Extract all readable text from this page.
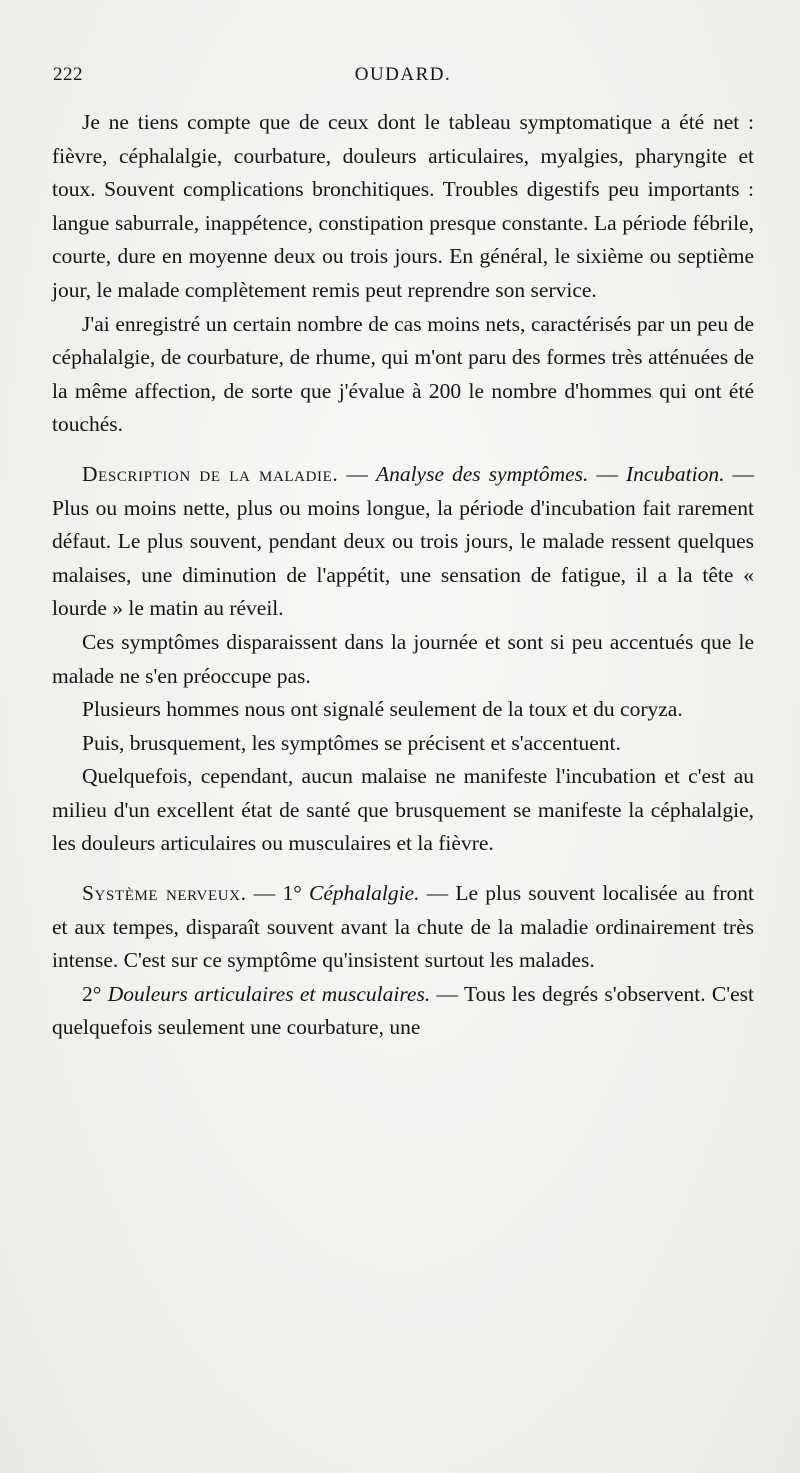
222	OUDARD.

Je ne tiens compte que de ceux dont le tableau symptomatique a été net : fièvre, céphalalgie, courbature, douleurs articulaires, myalgies, pharyngite et toux. Souvent complications bronchitiques. Troubles digestifs peu importants : langue saburrale, inappétence, constipation presque constante. La période fébrile, courte, dure en moyenne deux ou trois jours. En général, le sixième ou septième jour, le malade complètement remis peut reprendre son service.

J'ai enregistré un certain nombre de cas moins nets, caractérisés par un peu de céphalalgie, de courbature, de rhume, qui m'ont paru des formes très atténuées de la même affection, de sorte que j'évalue à 200 le nombre d'hommes qui ont été touchés.

Description de la maladie. — Analyse des symptômes. — Incubation. — Plus ou moins nette, plus ou moins longue, la période d'incubation fait rarement défaut. Le plus souvent, pendant deux ou trois jours, le malade ressent quelques malaises, une diminution de l'appétit, une sensation de fatigue, il a la tête « lourde » le matin au réveil.

Ces symptômes disparaissent dans la journée et sont si peu accentués que le malade ne s'en préoccupe pas.

Plusieurs hommes nous ont signalé seulement de la toux et du coryza.

Puis, brusquement, les symptômes se précisent et s'accentuent.

Quelquefois, cependant, aucun malaise ne manifeste l'incubation et c'est au milieu d'un excellent état de santé que brusquement se manifeste la céphalalgie, les douleurs articulaires ou musculaires et la fièvre.

Système nerveux. — 1° Céphalalgie. — Le plus souvent localisée au front et aux tempes, disparaît souvent avant la chute de la maladie ordinairement très intense. C'est sur ce symptôme qu'insistent surtout les malades.

2° Douleurs articulaires et musculaires. — Tous les degrés s'observent. C'est quelquefois seulement une courbature, une
